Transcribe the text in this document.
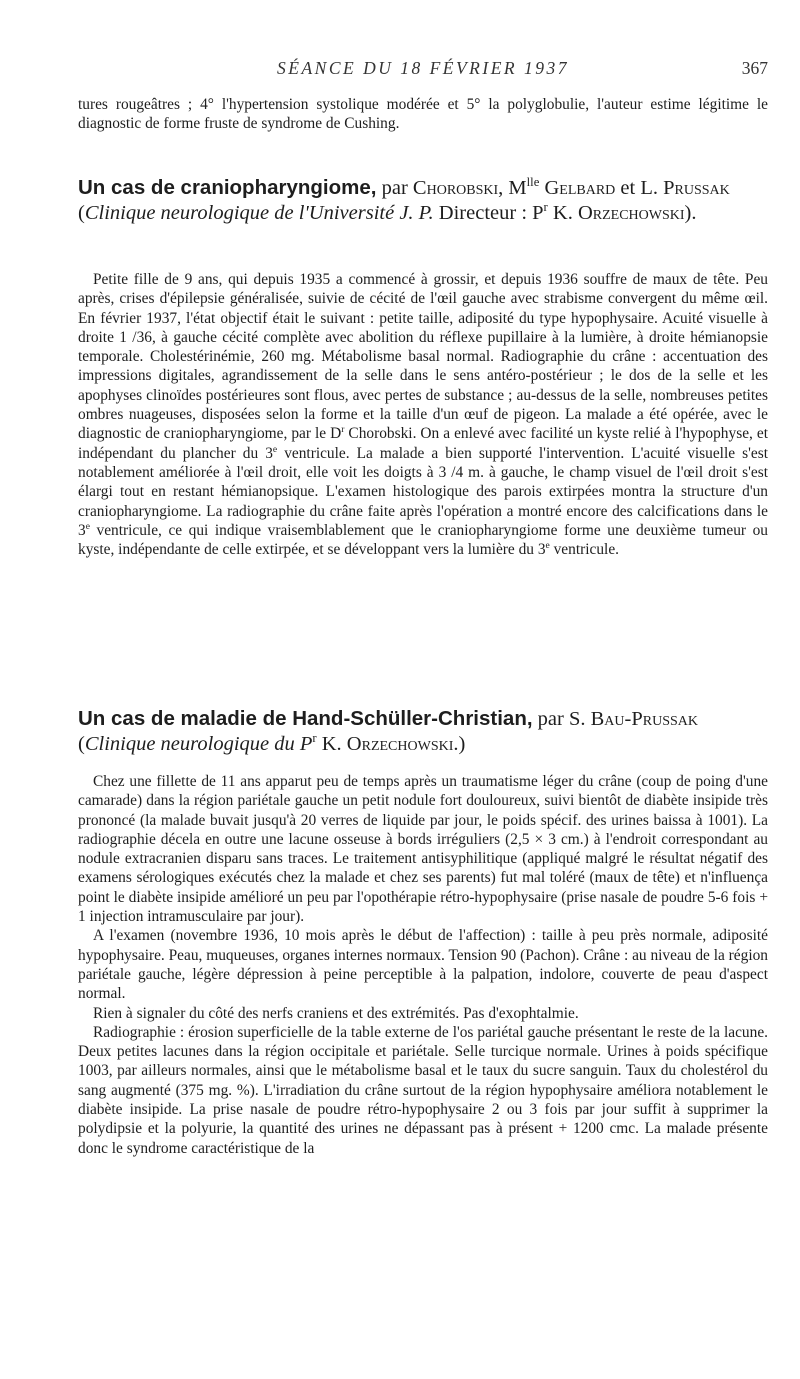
SÉANCE DU 18 FÉVRIER 1937	367

tures rougeâtres ; 4° l'hypertension systolique modérée et 5° la polyglobulie, l'auteur estime légitime le diagnostic de forme fruste de syndrome de Cushing.

Un cas de craniopharyngiome, par Chorobski, $M^{lle}$ Gelbard et L. Prussak (Clinique neurologique de l'Université J. P. Directeur : $P^r$ K. Orzechowski).

Petite fille de 9 ans, qui depuis 1935 a commencé à grossir, et depuis 1936 souffre de maux de tête. Peu après, crises d'épilepsie généralisée, suivie de cécité de l'œil gauche avec strabisme convergent du même œil. En février 1937, l'état objectif était le suivant : petite taille, adiposité du type hypophysaire. Acuité visuelle à droite 1 /36, à gauche cécité complète avec abolition du réflexe pupillaire à la lumière, à droite hémianopsie temporale. Cholestérinémie, 260 mg. Métabolisme basal normal. Radiographie du crâne : accentuation des impressions digitales, agrandissement de la selle dans le sens antéro-postérieur ; le dos de la selle et les apophyses clinoïdes postérieures sont flous, avec pertes de substance ; au-dessus de la selle, nombreuses petites ombres nuageuses, disposées selon la forme et la taille d'un œuf de pigeon. La malade a été opérée, avec le diagnostic de craniopharyngiome, par le $D^r$ Chorobski. On a enlevé avec facilité un kyste relié à l'hypophyse, et indépendant du plancher du 3e ventricule. La malade a bien supporté l'intervention. L'acuité visuelle s'est notablement améliorée à l'œil droit, elle voit les doigts à 3 /4 m. à gauche, le champ visuel de l'œil droit s'est élargi tout en restant hémianopsique. L'examen histologique des parois extirpées montra la structure d'un craniopharyngiome. La radiographie du crâne faite après l'opération a montré encore des calcifications dans le 3e ventricule, ce qui indique vraisemblablement que le craniopharyngiome forme une deuxième tumeur ou kyste, indépendante de celle extirpée, et se développant vers la lumière du 3e ventricule.

Un cas de maladie de Hand-Schüller-Christian, par S. Bau-Prussak (Clinique neurologique du $P^r$ K. Orzechowski.)

Chez une fillette de 11 ans apparut peu de temps après un traumatisme léger du crâne (coup de poing d'une camarade) dans la région pariétale gauche un petit nodule fort douloureux, suivi bientôt de diabète insipide très prononcé (la malade buvait jusqu'à 20 verres de liquide par jour, le poids spécif. des urines baissa à 1001). La radiographie décela en outre une lacune osseuse à bords irréguliers (2,5 × 3 cm.) à l'endroit correspondant au nodule extracranien disparu sans traces. Le traitement antisyphilitique (appliqué malgré le résultat négatif des examens sérologiques exécutés chez la malade et chez ses parents) fut mal toléré (maux de tête) et n'influença point le diabète insipide amélioré un peu par l'opothérapie rétro-hypophysaire (prise nasale de poudre 5-6 fois + 1 injection intramusculaire par jour).

A l'examen (novembre 1936, 10 mois après le début de l'affection) : taille à peu près normale, adiposité hypophysaire. Peau, muqueuses, organes internes normaux. Tension 90 (Pachon). Crâne : au niveau de la région pariétale gauche, légère dépression à peine perceptible à la palpation, indolore, couverte de peau d'aspect normal.

Rien à signaler du côté des nerfs craniens et des extrémités. Pas d'exophtalmie.

Radiographie : érosion superficielle de la table externe de l'os pariétal gauche présentant le reste de la lacune. Deux petites lacunes dans la région occipitale et pariétale. Selle turcique normale. Urines à poids spécifique 1003, par ailleurs normales, ainsi que le métabolisme basal et le taux du sucre sanguin. Taux du cholestérol du sang augmenté (375 mg. %). L'irradiation du crâne surtout de la région hypophysaire améliora notablement le diabète insipide. La prise nasale de poudre rétro-hypophysaire 2 ou 3 fois par jour suffit à supprimer la polydipsie et la polyurie, la quantité des urines ne dépassant pas à présent + 1200 cmc. La malade présente donc le syndrome caractéristique de la
